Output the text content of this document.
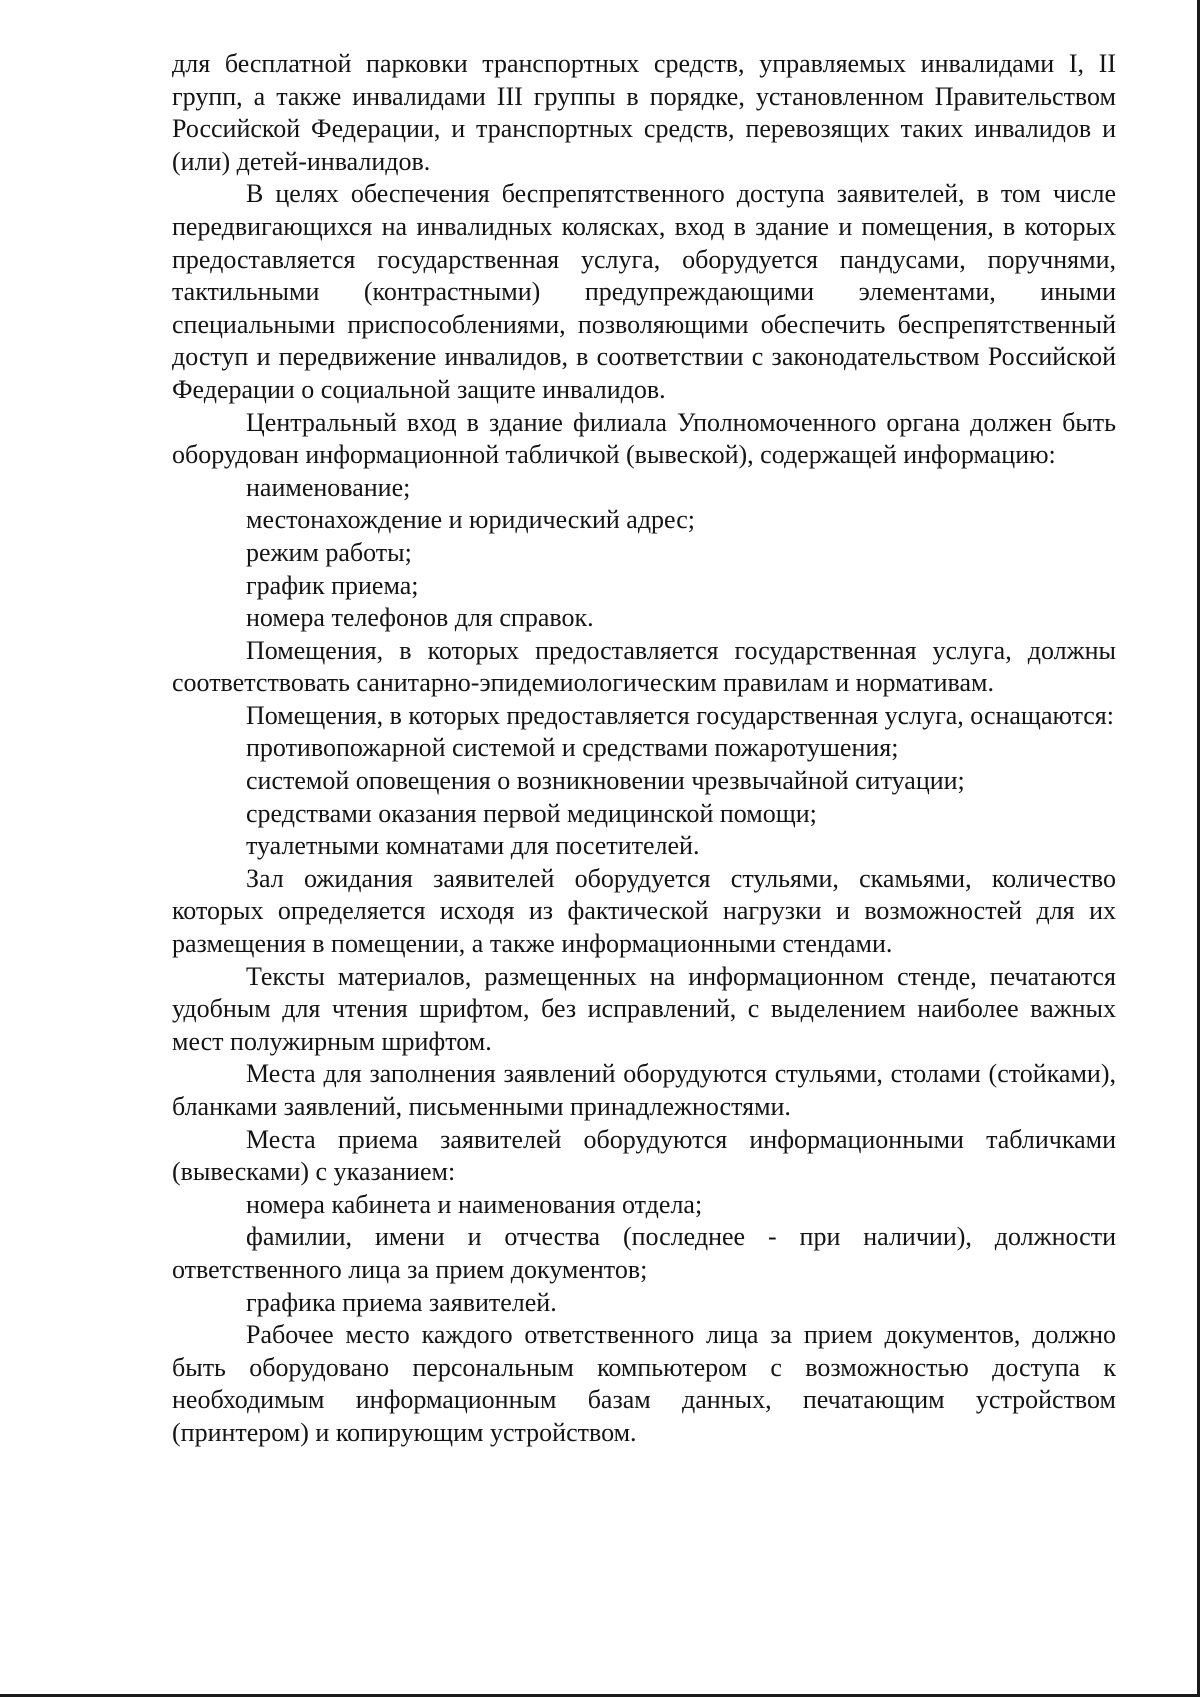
для бесплатной парковки транспортных средств, управляемых инвалидами I, II групп, а также инвалидами III группы в порядке, установленном Правительством Российской Федерации, и транспортных средств, перевозящих таких инвалидов и (или) детей-инвалидов.

В целях обеспечения беспрепятственного доступа заявителей, в том числе передвигающихся на инвалидных колясках, вход в здание и помещения, в которых предоставляется государственная услуга, оборудуется пандусами, поручнями, тактильными (контрастными) предупреждающими элементами, иными специальными приспособлениями, позволяющими обеспечить беспрепятственный доступ и передвижение инвалидов, в соответствии с законодательством Российской Федерации о социальной защите инвалидов.

Центральный вход в здание филиала Уполномоченного органа должен быть оборудован информационной табличкой (вывеской), содержащей информацию:

наименование;

местонахождение и юридический адрес;

режим работы;

график приема;

номера телефонов для справок.

Помещения, в которых предоставляется государственная услуга, должны соответствовать санитарно-эпидемиологическим правилам и нормативам.

Помещения, в которых предоставляется государственная услуга, оснащаются:

противопожарной системой и средствами пожаротушения;

системой оповещения о возникновении чрезвычайной ситуации;

средствами оказания первой медицинской помощи;

туалетными комнатами для посетителей.

Зал ожидания заявителей оборудуется стульями, скамьями, количество которых определяется исходя из фактической нагрузки и возможностей для их размещения в помещении, а также информационными стендами.

Тексты материалов, размещенных на информационном стенде, печатаются удобным для чтения шрифтом, без исправлений, с выделением наиболее важных мест полужирным шрифтом.

Места для заполнения заявлений оборудуются стульями, столами (стойками), бланками заявлений, письменными принадлежностями.

Места приема заявителей оборудуются информационными табличками (вывесками) с указанием:

номера кабинета и наименования отдела;

фамилии, имени и отчества (последнее - при наличии), должности ответственного лица за прием документов;

графика приема заявителей.

Рабочее место каждого ответственного лица за прием документов, должно быть оборудовано персональным компьютером с возможностью доступа к необходимым информационным базам данных, печатающим устройством (принтером) и копирующим устройством.
